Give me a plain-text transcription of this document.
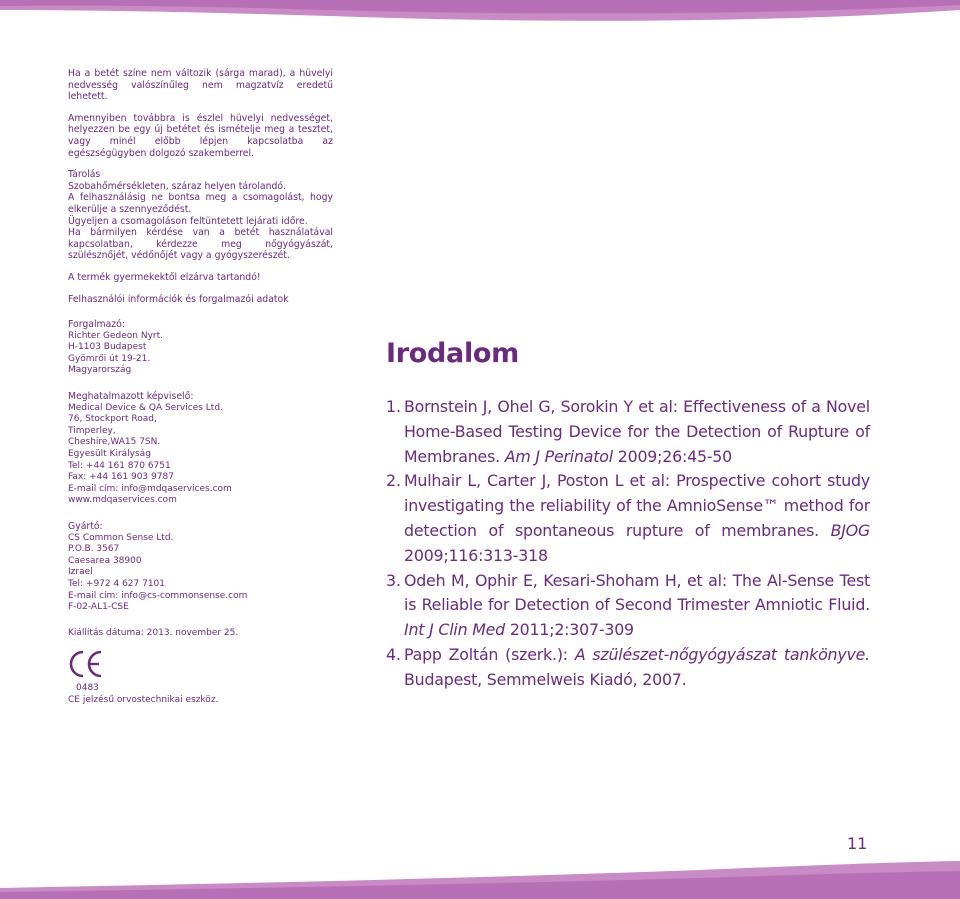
Ha a betét színe nem változik (sárga marad), a hüvelyi nedvesség valószínűleg nem magzatvíz eredetű lehetett.

Amennyiben továbbra is észlel hüvelyi nedvességet, helyezzen be egy új betétet és ismételje meg a tesztet, vagy minél előbb lépjen kapcsolatba az egészségügyben dolgozó szakemberrel.

Tárolás

Szobahőmérsékleten, száraz helyen tárolandó.

A felhasználásig ne bontsa meg a csomagolást, hogy elkerülje a szennyeződést.

Ügyeljen a csomagoláson feltüntetett lejárati időre.

Ha bármilyen kérdése van a betét használatával kapcsolatban, kérdezze meg nőgyógyászát, szülésznőjét, védőnőjét vagy a gyógyszerészét.

A termék gyermekektől elzárva tartandó!

Felhasználói információk és forgalmazói adatok

Forgalmazó:

Richter Gedeon Nyrt.

H-1103 Budapest

Gyömrői út 19-21.

Magyarország

Meghatalmazott képviselő:

Medical Device & QA Services Ltd.

76, Stockport Road,

Timperley,

Cheshire,WA15 7SN.

Egyesült Királyság

Tel: +44 161 870 6751

Fax: +44 161 903 9787

E-mail cím: info@mdqaservices.com

www.mdqaservices.com

Gyártó:

CS Common Sense Ltd.

P.O.B. 3567

Caesarea 38900

Izrael

Tel: +972 4 627 7101

E-mail cím: info@cs-commonsense.com

F-02-AL1-CSE

Kiállítás dátuma: 2013. november 25.

0483

CE jelzésű orvostechnikai eszköz.

Irodalom
1. Bornstein J, Ohel G, Sorokin Y et al: Effectiveness of a Novel Home-Based Testing Device for the Detection of Rupture of Membranes. Am J Perinatol 2009;26:45-50
2. Mulhair L, Carter J, Poston L et al: Prospective cohort study investigating the reliability of the AmnioSense™ method for detection of spontaneous rupture of membranes. BJOG 2009;116:313-318
3. Odeh M, Ophir E, Kesari-Shoham H, et al: The Al-Sense Test is Reliable for Detection of Second Trimester Amniotic Fluid. Int J Clin Med 2011;2:307-309
4. Papp Zoltán (szerk.): A szülészet-nőgyógyászat tankönyve. Budapest, Semmelweis Kiadó, 2007.
11
